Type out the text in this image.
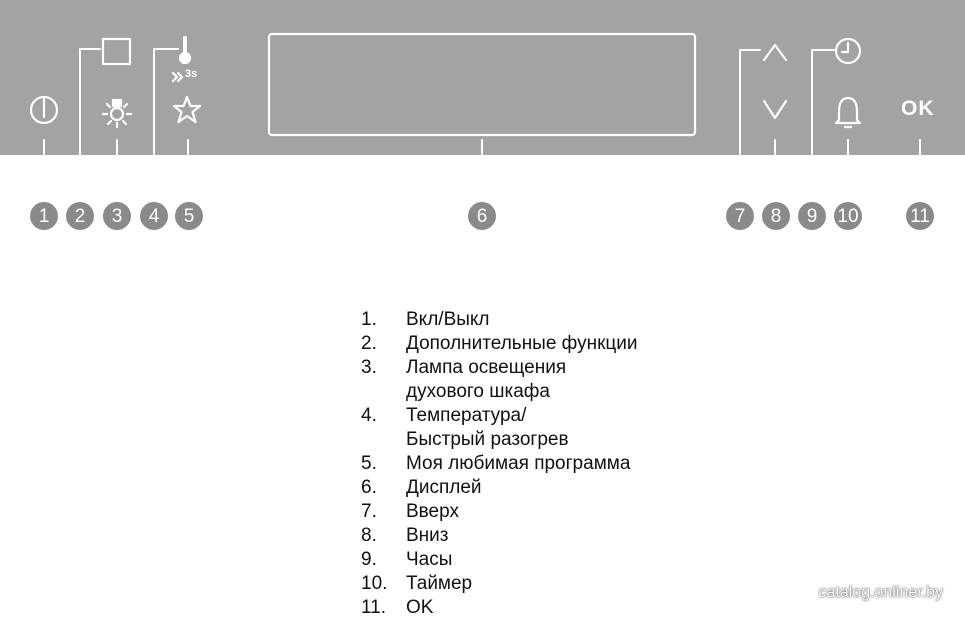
OK
3s
1	2	3	4	5	6	7	8	9	10	11
1.	Вкл/Выкл
2.	Дополнительные функции
3.	Лампа освещения духового шкафа
4.	Температура/ Быстрый разогрев
5.	Моя любимая программа
6.	Дисплей
7.	Вверх
8.	Вниз
9.	Часы
10. Таймер
11.	OK
catalog.onliner.by
